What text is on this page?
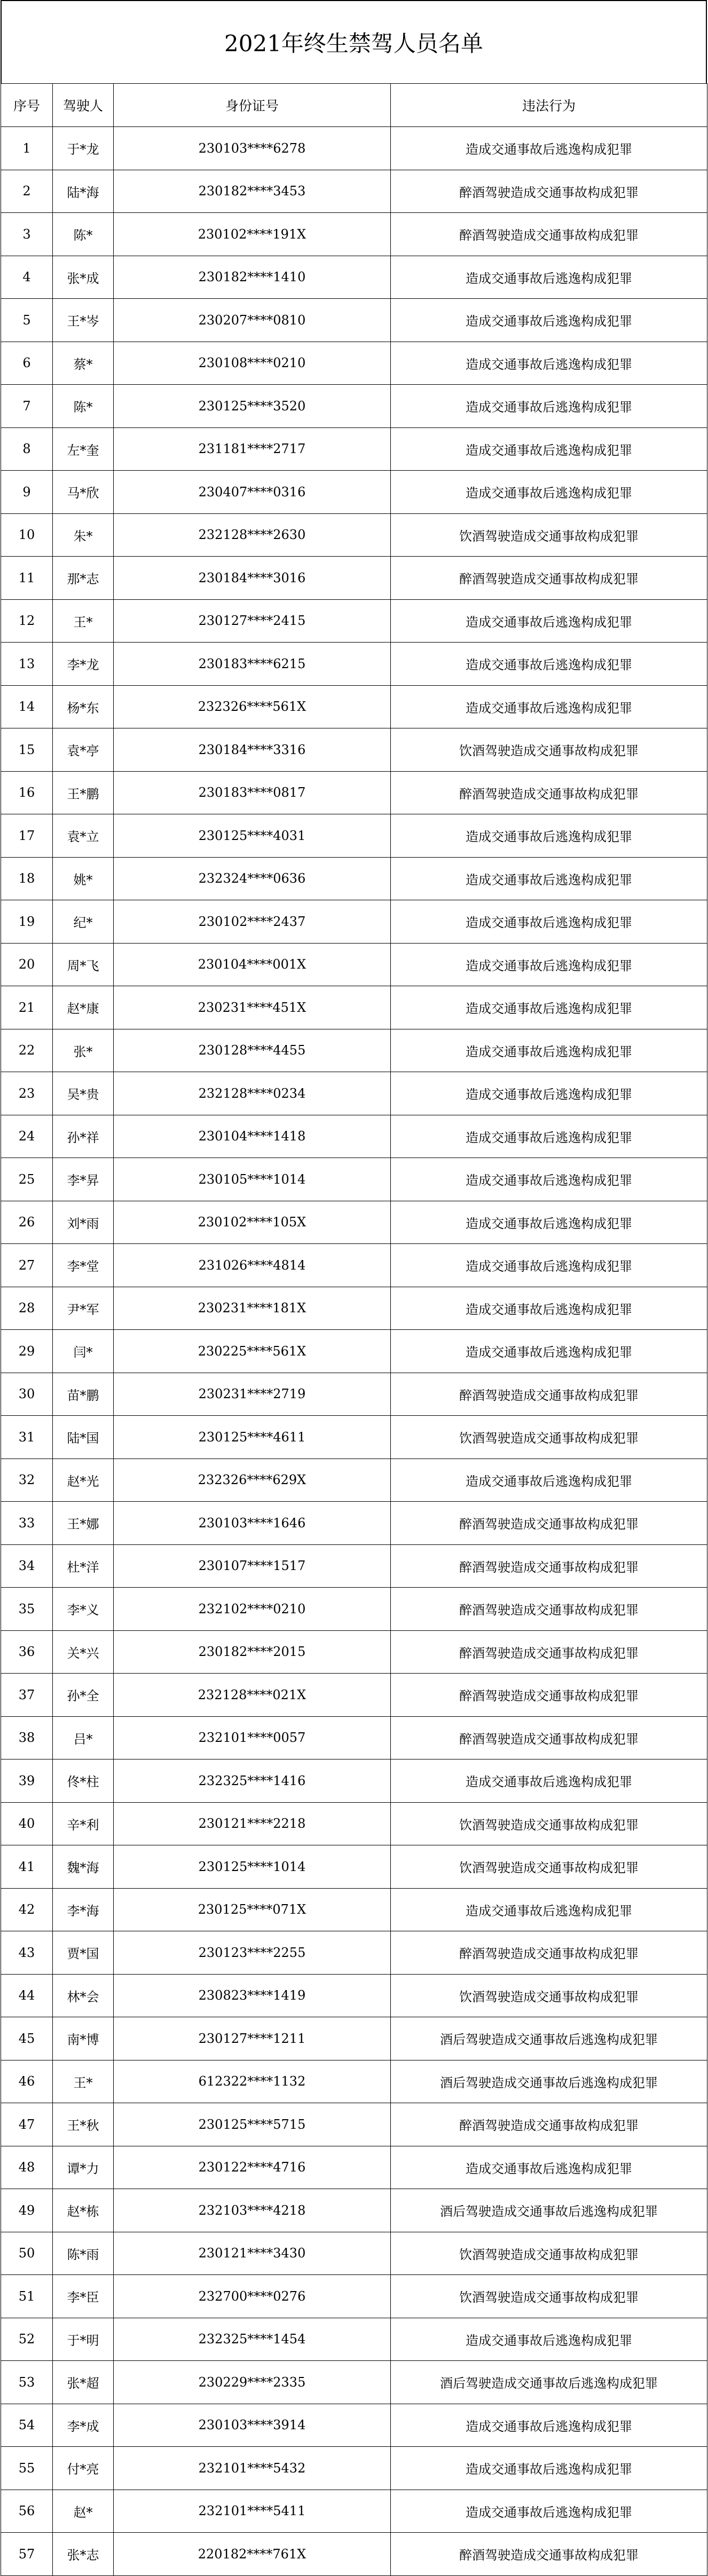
2021年终生禁驾人员名单
序号	驾驶人	身份证号	违法行为
1	于*龙	230103****6278	造成交通事故后逃逸构成犯罪
2	陆*海	230182****3453	醉酒驾驶造成交通事故构成犯罪
3	陈*	230102****191X	醉酒驾驶造成交通事故构成犯罪
4	张*成	230182****1410	造成交通事故后逃逸构成犯罪
5	王*岑	230207****0810	造成交通事故后逃逸构成犯罪
6	蔡*	230108****0210	造成交通事故后逃逸构成犯罪
7	陈*	230125****3520	造成交通事故后逃逸构成犯罪
8	左*奎	231181****2717	造成交通事故后逃逸构成犯罪
9	马*欣	230407****0316	造成交通事故后逃逸构成犯罪
10	朱*	232128****2630	饮酒驾驶造成交通事故构成犯罪
11	那*志	230184****3016	醉酒驾驶造成交通事故构成犯罪
12	王*	230127****2415	造成交通事故后逃逸构成犯罪
13	李*龙	230183****6215	造成交通事故后逃逸构成犯罪
14	杨*东	232326****561X	造成交通事故后逃逸构成犯罪
15	袁*亭	230184****3316	饮酒驾驶造成交通事故构成犯罪
16	王*鹏	230183****0817	醉酒驾驶造成交通事故构成犯罪
17	袁*立	230125****4031	造成交通事故后逃逸构成犯罪
18	姚*	232324****0636	造成交通事故后逃逸构成犯罪
19	纪*	230102****2437	造成交通事故后逃逸构成犯罪
20	周*飞	230104****001X	造成交通事故后逃逸构成犯罪
21	赵*康	230231****451X	造成交通事故后逃逸构成犯罪
22	张*	230128****4455	造成交通事故后逃逸构成犯罪
23	吴*贵	232128****0234	造成交通事故后逃逸构成犯罪
24	孙*祥	230104****1418	造成交通事故后逃逸构成犯罪
25	李*昇	230105****1014	造成交通事故后逃逸构成犯罪
26	刘*雨	230102****105X	造成交通事故后逃逸构成犯罪
27	李*堂	231026****4814	造成交通事故后逃逸构成犯罪
28	尹*军	230231****181X	造成交通事故后逃逸构成犯罪
29	闫*	230225****561X	造成交通事故后逃逸构成犯罪
30	苗*鹏	230231****2719	醉酒驾驶造成交通事故构成犯罪
31	陆*国	230125****4611	饮酒驾驶造成交通事故构成犯罪
32	赵*光	232326****629X	造成交通事故后逃逸构成犯罪
33	王*娜	230103****1646	醉酒驾驶造成交通事故构成犯罪
34	杜*洋	230107****1517	醉酒驾驶造成交通事故构成犯罪
35	李*义	232102****0210	醉酒驾驶造成交通事故构成犯罪
36	关*兴	230182****2015	醉酒驾驶造成交通事故构成犯罪
37	孙*全	232128****021X	醉酒驾驶造成交通事故构成犯罪
38	吕*	232101****0057	醉酒驾驶造成交通事故构成犯罪
39	佟*柱	232325****1416	造成交通事故后逃逸构成犯罪
40	辛*利	230121****2218	饮酒驾驶造成交通事故构成犯罪
41	魏*海	230125****1014	饮酒驾驶造成交通事故构成犯罪
42	李*海	230125****071X	造成交通事故后逃逸构成犯罪
43	贾*国	230123****2255	醉酒驾驶造成交通事故构成犯罪
44	林*会	230823****1419	饮酒驾驶造成交通事故构成犯罪
45	南*博	230127****1211	酒后驾驶造成交通事故后逃逸构成犯罪
46	王*	612322****1132	酒后驾驶造成交通事故后逃逸构成犯罪
47	王*秋	230125****5715	醉酒驾驶造成交通事故构成犯罪
48	谭*力	230122****4716	造成交通事故后逃逸构成犯罪
49	赵*栋	232103****4218	酒后驾驶造成交通事故后逃逸构成犯罪
50	陈*雨	230121****3430	饮酒驾驶造成交通事故构成犯罪
51	李*臣	232700****0276	饮酒驾驶造成交通事故构成犯罪
52	于*明	232325****1454	造成交通事故后逃逸构成犯罪
53	张*超	230229****2335	酒后驾驶造成交通事故后逃逸构成犯罪
54	李*成	230103****3914	造成交通事故后逃逸构成犯罪
55	付*亮	232101****5432	造成交通事故后逃逸构成犯罪
56	赵*	232101****5411	造成交通事故后逃逸构成犯罪
57	张*志	220182****761X	醉酒驾驶造成交通事故构成犯罪
